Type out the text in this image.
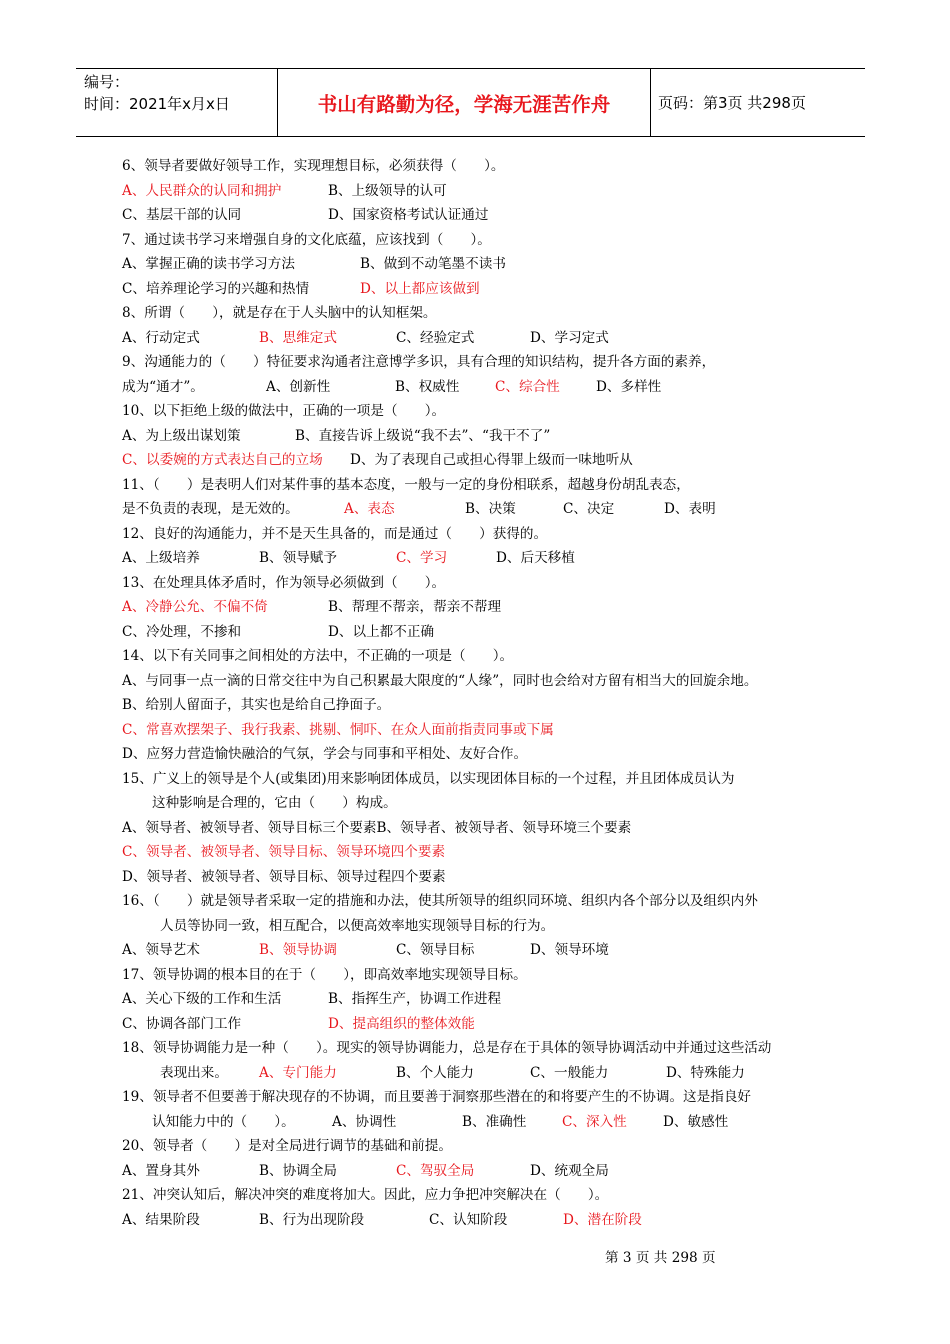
编号：
时间：2021年x月x日	书山有路勤为径，学海无涯苦作舟	页码：第3页 共298页
6、领导者要做好领导工作，实现理想目标，必须获得（　　）。
A、人民群众的认同和拥护	B、上级领导的认可
C、基层干部的认同	D、国家资格考试认证通过
7、通过读书学习来增强自身的文化底蕴，应该找到（　　）。
A、掌握正确的读书学习方法	B、做到不动笔墨不读书
C、培养理论学习的兴趣和热情	D、以上都应该做到
8、所谓（　　），就是存在于人头脑中的认知框架。
A、行动定式	B、思维定式	C、经验定式	D、学习定式
9、沟通能力的（　　）特征要求沟通者注意博学多识，具有合理的知识结构，提升各方面的素养，
成为“通才”。	A、创新性	B、权威性	C、综合性	D、多样性
10、以下拒绝上级的做法中，正确的一项是（　　）。
A、为上级出谋划策	B、直接告诉上级说“我不去”、“我干不了”
C、以委婉的方式表达自己的立场 D、为了表现自己或担心得罪上级而一味地听从
11、（　　）是表明人们对某件事的基本态度，一般与一定的身份相联系，超越身份胡乱表态，
是不负责的表现，是无效的。	A、表态	B、决策	C、决定	D、表明
12、良好的沟通能力，并不是天生具备的，而是通过（　　）获得的。
A、上级培养	B、领导赋予	C、学习	D、后天移植
13、在处理具体矛盾时，作为领导必须做到（　　）。
A、冷静公允、不偏不倚	B、帮理不帮亲，帮亲不帮理
C、冷处理，不掺和	D、以上都不正确
14、以下有关同事之间相处的方法中，不正确的一项是（　　）。
A、与同事一点一滴的日常交往中为自己积累最大限度的“人缘”，同时也会给对方留有相当大的回旋余地。
B、给别人留面子，其实也是给自己挣面子。
C、常喜欢摆架子、我行我素、挑剔、恫吓、在众人面前指责同事或下属
D、应努力营造愉快融洽的气氛，学会与同事和平相处、友好合作。
15、广义上的领导是个人(或集团)用来影响团体成员，以实现团体目标的一个过程，并且团体成员认为
这种影响是合理的，它由（　　）构成。
A、领导者、被领导者、领导目标三个要素B、领导者、被领导者、领导环境三个要素
C、领导者、被领导者、领导目标、领导环境四个要素
D、领导者、被领导者、领导目标、领导过程四个要素
16、（　　）就是领导者采取一定的措施和办法，使其所领导的组织同环境、组织内各个部分以及组织内外
人员等协同一致，相互配合，以便高效率地实现领导目标的行为。
A、领导艺术	B、领导协调	C、领导目标	D、领导环境
17、领导协调的根本目的在于（　　），即高效率地实现领导目标。
A、关心下级的工作和生活	B、指挥生产，协调工作进程
C、协调各部门工作	D、提高组织的整体效能
18、领导协调能力是一种（　　）。现实的领导协调能力，总是存在于具体的领导协调活动中并通过这些活动
表现出来。 A、专门能力	B、个人能力	C、一般能力	D、特殊能力
19、领导者不但要善于解决现存的不协调，而且要善于洞察那些潜在的和将要产生的不协调。这是指良好
认知能力中的（　　）。	A、协调性	B、准确性	C、深入性	D、敏感性
20、领导者（　　）是对全局进行调节的基础和前提。
A、置身其外	B、协调全局	C、驾驭全局	D、统观全局
21、冲突认知后，解决冲突的难度将加大。因此，应力争把冲突解决在（　　）。
A、结果阶段	B、行为出现阶段	C、认知阶段	D、潜在阶段
第 3 页 共 298 页
